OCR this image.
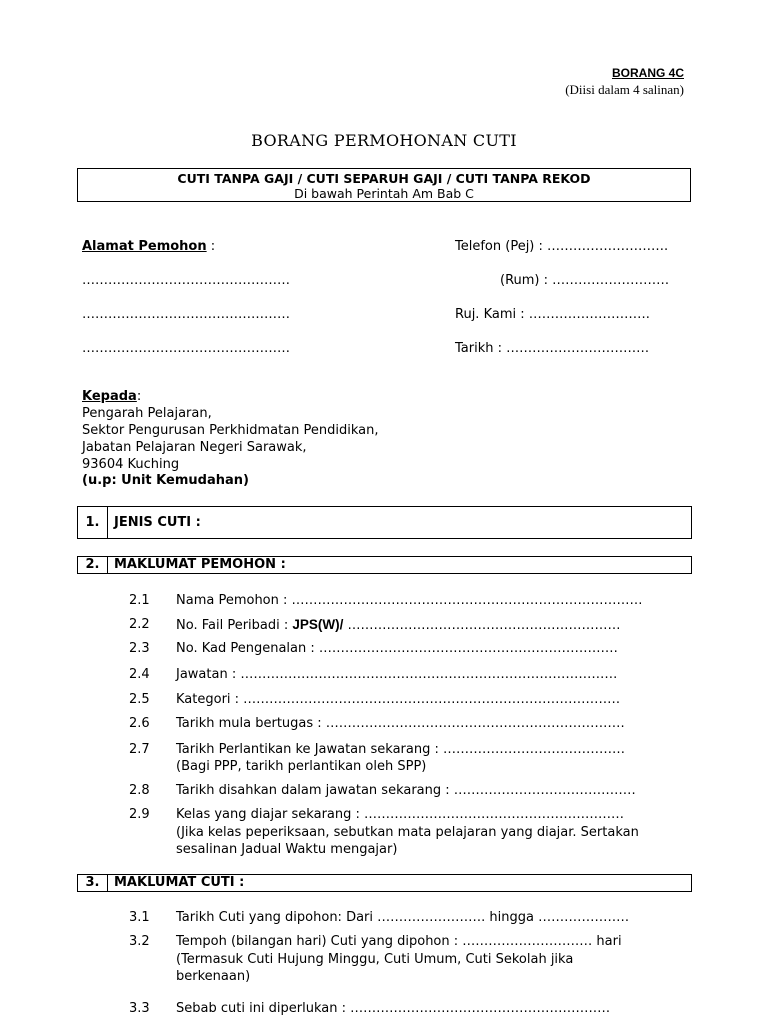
BORANG 4C
(Diisi dalam 4 salinan)
BORANG PERMOHONAN CUTI
CUTI TANPA GAJI / CUTI SEPARUH GAJI / CUTI TANPA REKOD
Di bawah Perintah Am Bab C
Alamat Pemohon :
…………………………………………
…………………………………………
…………………………………………
Telefon (Pej) : ……………………….
(Rum) : ………………………
Ruj. Kami : ……………………….
Tarikh : ……………………………
Kepada:
Pengarah Pelajaran,
Sektor Pengurusan Perkhidmatan Pendidikan,
Jabatan Pelajaran Negeri Sarawak,
93604 Kuching
(u.p: Unit Kemudahan)
1.	JENIS CUTI :
2.	MAKLUMAT PEMOHON :
2.1 Nama Pemohon : ………………………………………………………………………
2.2 No. Fail Peribadi : JPS(W)/ ………………………………………………………
2.3 No. Kad Pengenalan : ……………………………………………………………
2.4 Jawatan : ……………………………………………………………………………
2.5 Kategori : ……………………………………………………………………………
2.6 Tarikh mula bertugas : ……………………………………………………………
2.7 Tarikh Perlantikan ke Jawatan sekarang : ……………………………………
(Bagi PPP, tarikh perlantikan oleh SPP)
2.8 Tarikh disahkan dalam jawatan sekarang : ……………………………………
2.9 Kelas yang diajar sekarang : ……………………………………………………
(Jika kelas peperiksaan, sebutkan mata pelajaran yang diajar. Sertakan
sesalinan Jadual Waktu mengajar)
3.	MAKLUMAT CUTI :
3.1 Tarikh Cuti yang dipohon: Dari ……………………. hingga …………………
3.2 Tempoh (bilangan hari) Cuti yang dipohon : ………………………… hari
(Termasuk Cuti Hujung Minggu, Cuti Umum, Cuti Sekolah jika
berkenaan)
3.3 Sebab cuti ini diperlukan : ……………………………………………………
